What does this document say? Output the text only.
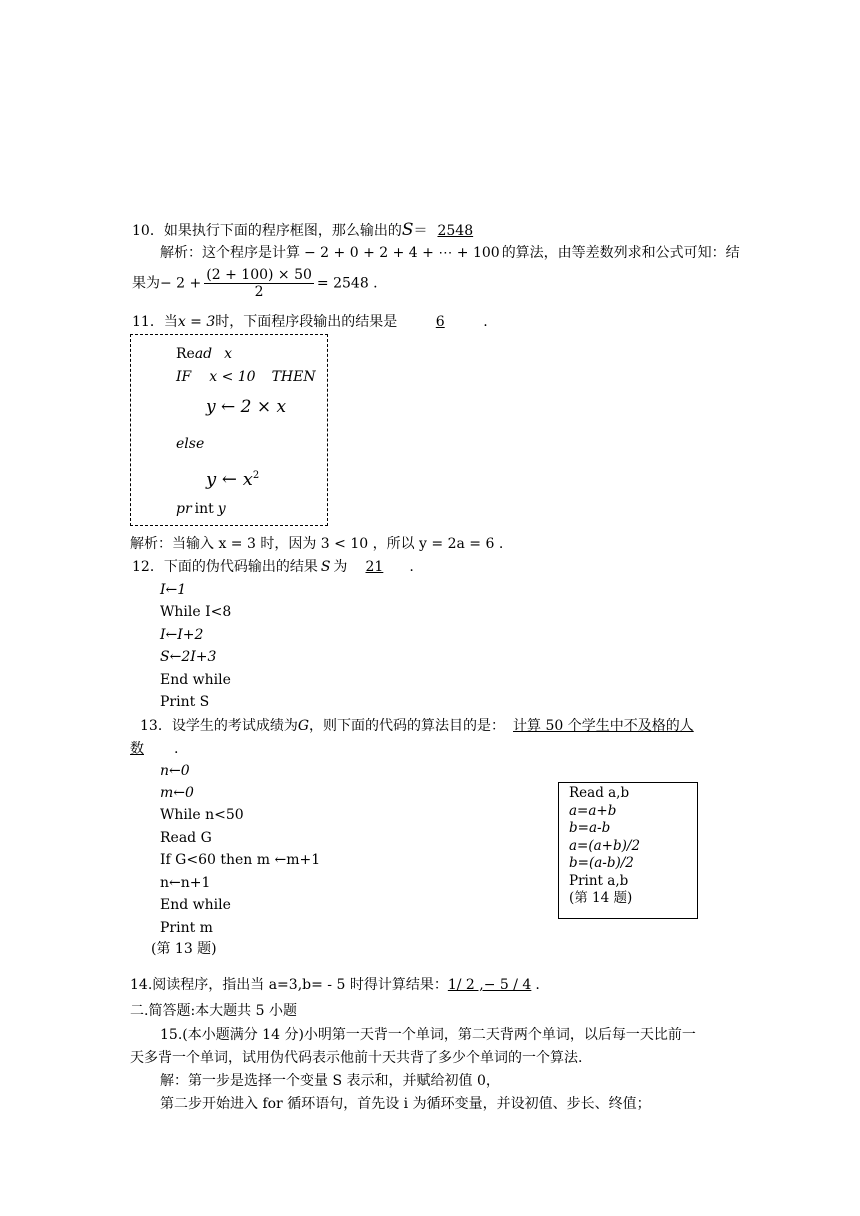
10．如果执行下面的程序框图，那么输出的S＝ 2548
解析：这个程序是计算 − 2 + 0 + 2 + 4 + ⋯ + 100 的算法，由等差数列求和公式可知：结
果为− $2 + \frac{(2 + 100) \times 50}{2} = 2548$ .
11．当x = 3时，下面程序段输出的结果是	6	.
Read x
IF x < 10 THEN
y ← 2 × x
else
y ← $x^2$
pr int y
解析：当输入 x = 3 时，因为 3 < 10 ，所以 y = 2a = 6 .
12．下面的伪代码输出的结果 S 为 21 .
I←1
While I<8
I←I+2
S←2I+3
End while
Print S
13．设学生的考试成绩为G，则下面的代码的算法目的是： 计算 50 个学生中不及格的人
数 .
n←0
m←0
While n<50
Read G
If G<60 then m ←m+1
n←n+1
End while
Print m
(第 13 题)
Read a,b
a=a+b
b=a-b
a=(a+b)/2
b=(a-b)/2
Print a,b
(第 14 题)
14.阅读程序，指出当 a=3,b= - 5 时得计算结果：1/ 2 ,− 5 / 4 .
二.简答题:本大题共 5 小题
15.(本小题满分 14 分)小明第一天背一个单词，第二天背两个单词，以后每一天比前一
天多背一个单词，试用伪代码表示他前十天共背了多少个单词的一个算法.
解：第一步是选择一个变量 S 表示和，并赋给初值 0，
第二步开始进入 for 循环语句，首先设 i 为循环变量，并设初值、步长、终值；
